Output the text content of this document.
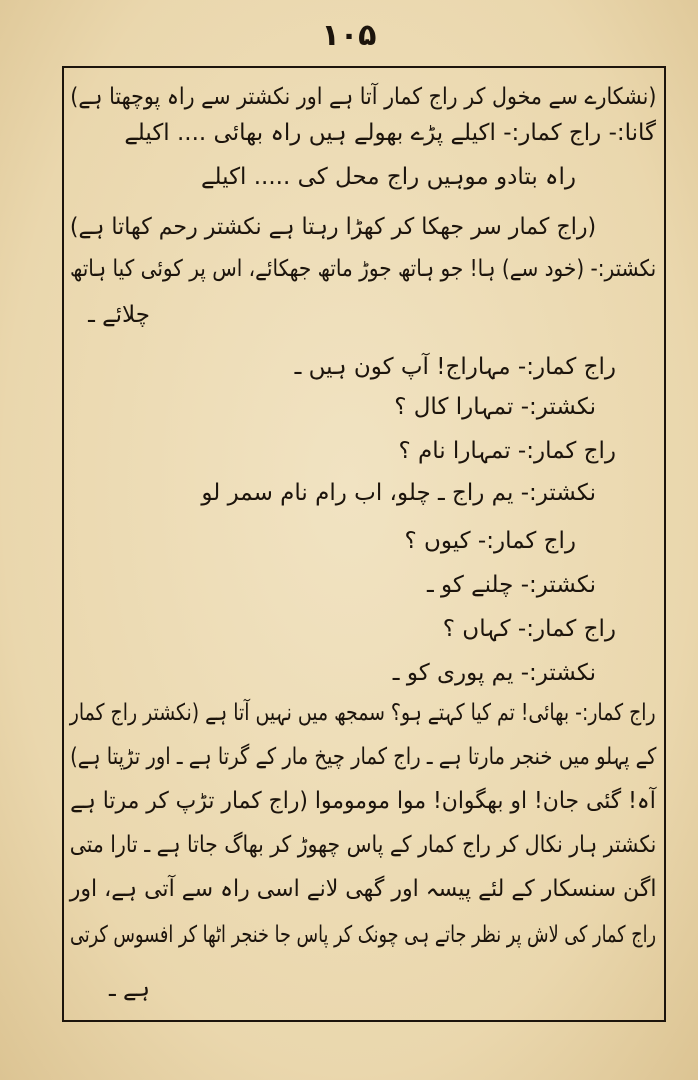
۱۰۵
(نشکارے سے مخول کر راج کمار آتا ہے اور نکشتر سے راہ پوچھتا ہے)
گانا:- راج کمار:- اکیلے پڑے بھولے ہیں راہ بھائی .... اکیلے
راہ بتادو موہیں راج محل کی ..... اکیلے
(راج کمار سر جھکا کر کھڑا رہتا ہے نکشتر رحم کھاتا ہے)
نکشتر:- (خود سے) ہا! جو ہاتھ جوڑ ماتھ جھکائے، اس پر کوئی کیا ہاتھ
چلائے ـ
راج کمار:- مہاراج! آپ کون ہیں ـ
نکشتر:- تمہارا کال ؟
راج کمار:- تمہارا نام ؟
نکشتر:- یم راج ـ چلو، اب رام نام سمر لو
راج کمار:- کیوں ؟
نکشتر:- چلنے کو ـ
راج کمار:- کہاں ؟
نکشتر:- یم پوری کو ـ
راج کمار:- بھائی! تم کیا کہتے ہو؟ سمجھ میں نہیں آتا ہے (نکشتر راج کمار
کے پہلو میں خنجر مارتا ہے ـ راج کمار چیخ مار کے گرتا ہے ـ اور تڑپتا ہے)
آہ! گئی جان! او بھگوان! موا موموموا (راج کمار تڑپ کر مرتا ہے
نکشتر ہار نکال کر راج کمار کے پاس چھوڑ کر بھاگ جاتا ہے ـ تارا متی
اگن سنسکار کے لئے پیسہ اور گھی لانے اسی راہ سے آتی ہے، اور
راج کمار کی لاش پر نظر جاتے ہی چونک کر پاس جا خنجر اٹھا کر افسوس کرتی
ہے ـ
